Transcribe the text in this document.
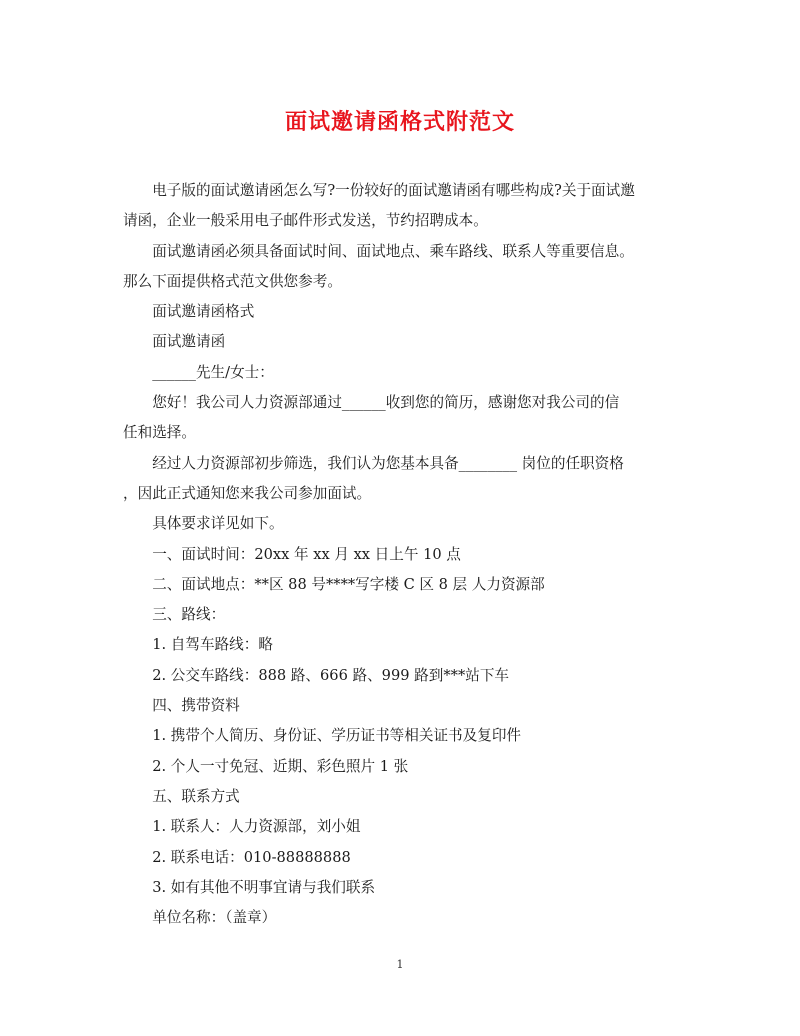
面试邀请函格式附范文

电子版的面试邀请函怎么写?一份较好的面试邀请函有哪些构成?关于面试邀
请函，企业一般采用电子邮件形式发送，节约招聘成本。

面试邀请函必须具备面试时间、面试地点、乘车路线、联系人等重要信息。
那么下面提供格式范文供您参考。

面试邀请函格式

面试邀请函

______先生/女士：

您好！我公司人力资源部通过______收到您的简历，感谢您对我公司的信
任和选择。

经过人力资源部初步筛选，我们认为您基本具备________ 岗位的任职资格
，因此正式通知您来我公司参加面试。

具体要求详见如下。

一、面试时间：20xx 年 xx 月 xx 日上午 10 点

二、面试地点：**区 88 号****写字楼 C 区 8 层 人力资源部

三、路线：

1. 自驾车路线：略

2. 公交车路线：888 路、666 路、999 路到***站下车

四、携带资料

1. 携带个人简历、身份证、学历证书等相关证书及复印件

2. 个人一寸免冠、近期、彩色照片 1 张

五、联系方式

1. 联系人：人力资源部，刘小姐

2. 联系电话：010-88888888

3. 如有其他不明事宜请与我们联系

单位名称：（盖章）

1
